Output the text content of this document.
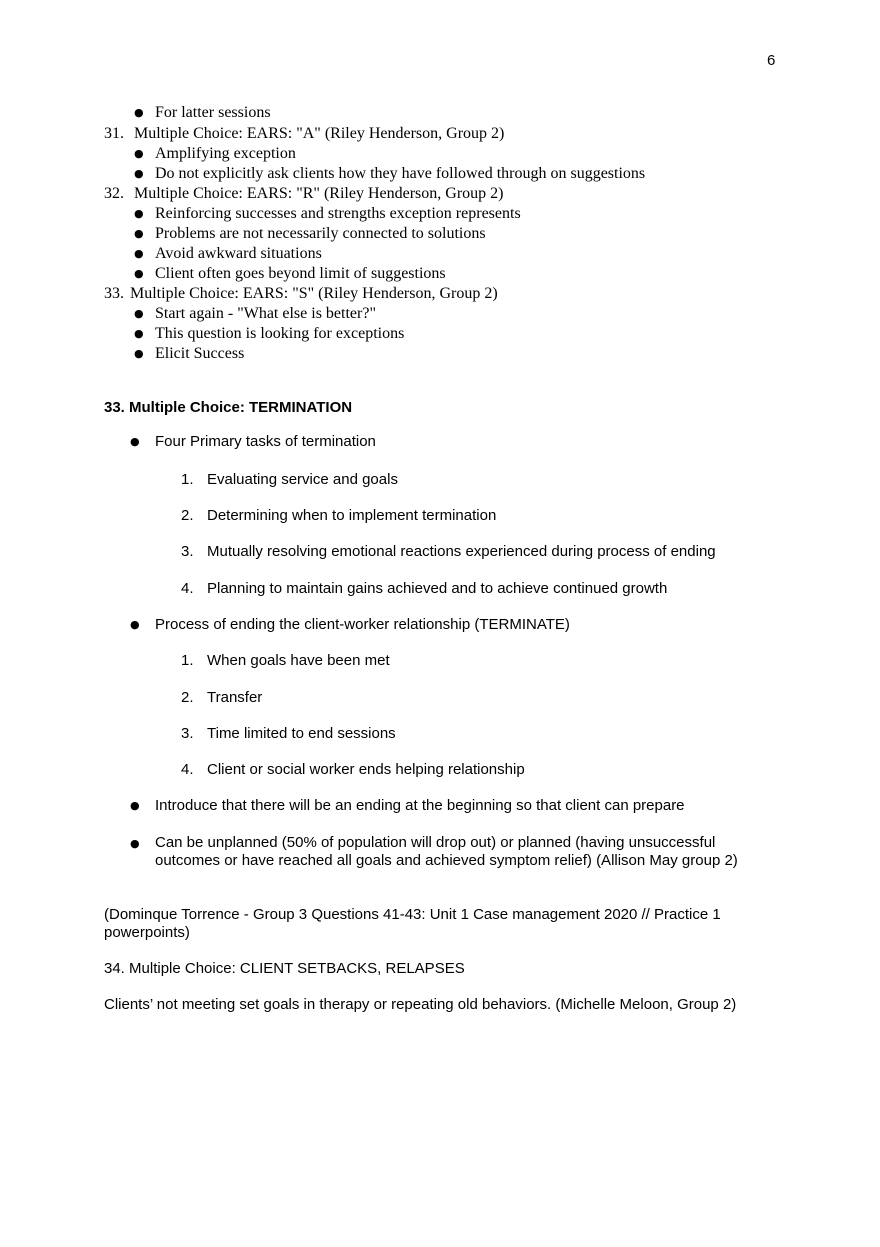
6
● For latter sessions
31. Multiple Choice: EARS: "A" (Riley Henderson, Group 2)
● Amplifying exception
● Do not explicitly ask clients how they have followed through on suggestions
32. Multiple Choice: EARS: "R" (Riley Henderson, Group 2)
● Reinforcing successes and strengths exception represents
● Problems are not necessarily connected to solutions
● Avoid awkward situations
● Client often goes beyond limit of suggestions
33. Multiple Choice: EARS: "S" (Riley Henderson, Group 2)
● Start again - "What else is better?"
● This question is looking for exceptions
● Elicit Success
33. Multiple Choice: TERMINATION
● Four Primary tasks of termination
1. Evaluating service and goals
2. Determining when to implement termination
3. Mutually resolving emotional reactions experienced during process of ending
4. Planning to maintain gains achieved and to achieve continued growth
● Process of ending the client-worker relationship (TERMINATE)
1. When goals have been met
2. Transfer
3. Time limited to end sessions
4. Client or social worker ends helping relationship
● Introduce that there will be an ending at the beginning so that client can prepare
● Can be unplanned (50% of population will drop out) or planned (having unsuccessful outcomes or have reached all goals and achieved symptom relief) (Allison May group 2)
(Dominque Torrence - Group 3 Questions 41-43: Unit 1 Case management 2020 // Practice 1 powerpoints)
34. Multiple Choice: CLIENT SETBACKS, RELAPSES
Clients’ not meeting set goals in therapy or repeating old behaviors. (Michelle Meloon, Group 2)
